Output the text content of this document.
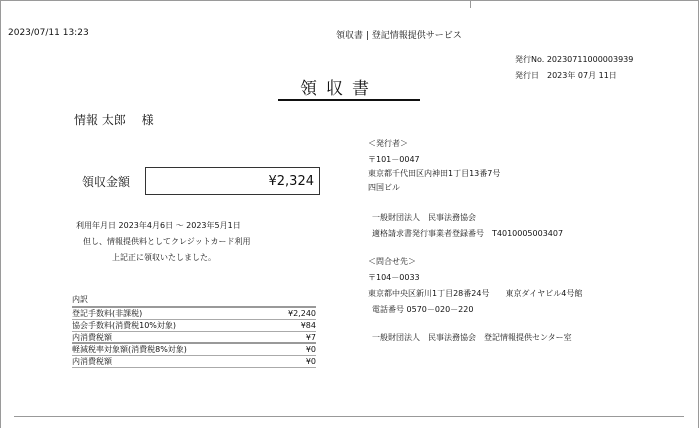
2023/07/11 13:23	領収書 | 登記情報提供サービス
発行No. 20230711000003939
発行日　2023年 07月 11日
領収書
情報 太郎　 様
領収金額	¥2,324
利用年月日 2023年4月6日 ～ 2023年5月1日
但し、情報提供料としてクレジットカード利用
上記正に領収いたしました。
内訳
登記手数料(非課税)	¥2,240
協会手数料(消費税10%対象)	¥84
内消費税額	¥7
軽減税率対象額(消費税8%対象)	¥0
内消費税額	¥0
＜発行者＞
〒101－0047
東京都千代田区内神田1丁目13番7号
四国ビル
一般財団法人　民事法務協会
適格請求書発行事業者登録番号　T4010005003407
＜問合せ先＞
〒104－0033
東京都中央区新川1丁目28番24号　　東京ダイヤビル4号館
電話番号 0570－020－220
一般財団法人　民事法務協会　登記情報提供センター室
